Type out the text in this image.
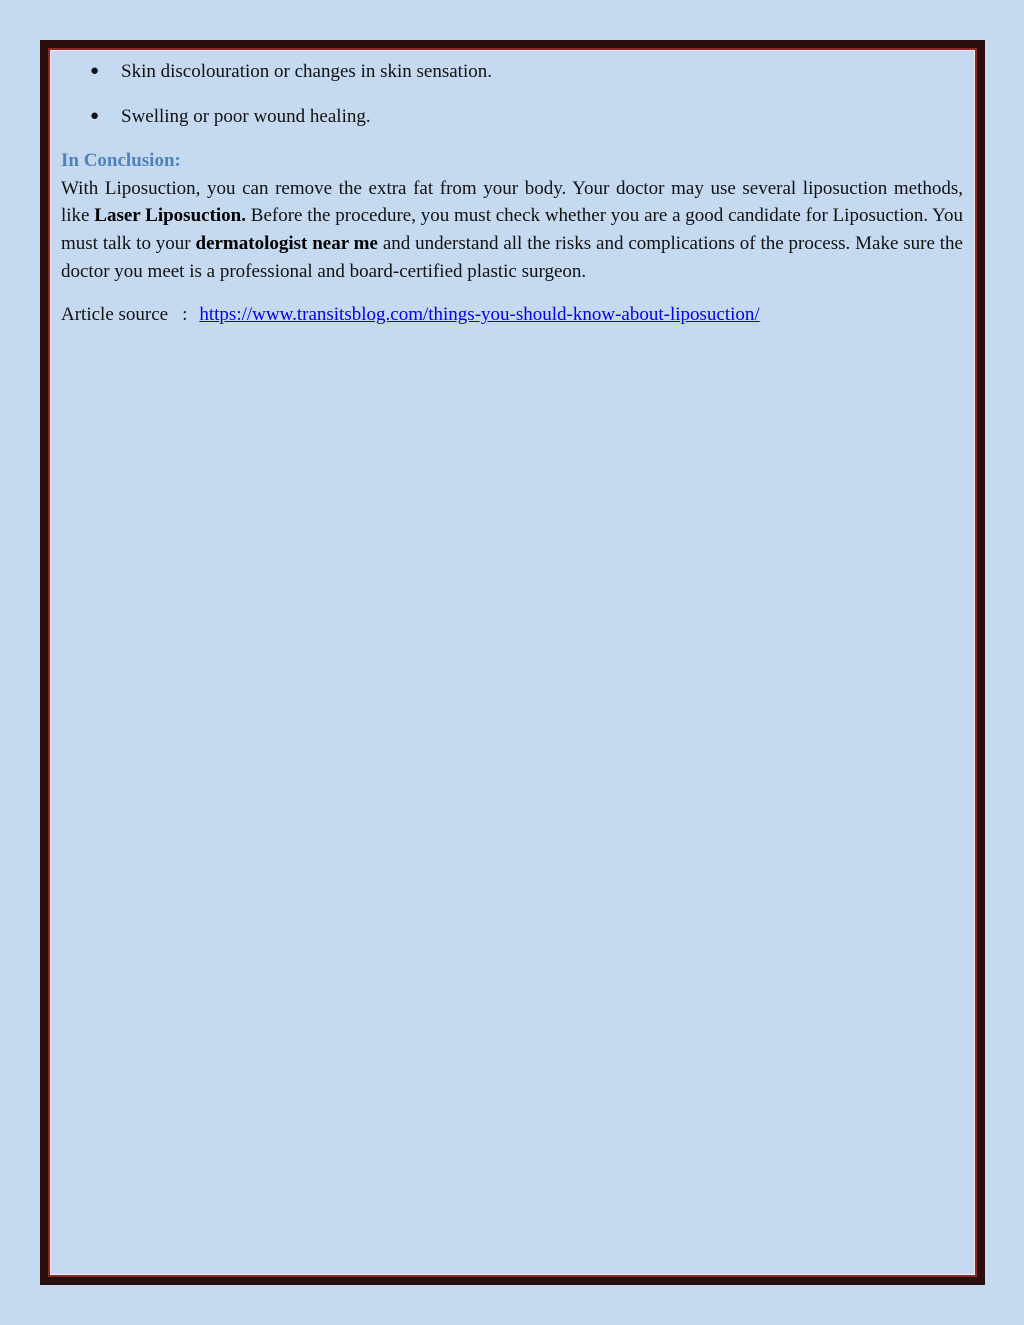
● Skin discolouration or changes in skin sensation.
● Swelling or poor wound healing.
In Conclusion:

With Liposuction, you can remove the extra fat from your body. Your doctor may use several liposuction methods, like Laser Liposuction. Before the procedure, you must check whether you are a good candidate for Liposuction. You must talk to your dermatologist near me and understand all the risks and complications of the process. Make sure the doctor you meet is a professional and board-certified plastic surgeon.

Article source : https://www.transitsblog.com/things-you-should-know-about-liposuction/
